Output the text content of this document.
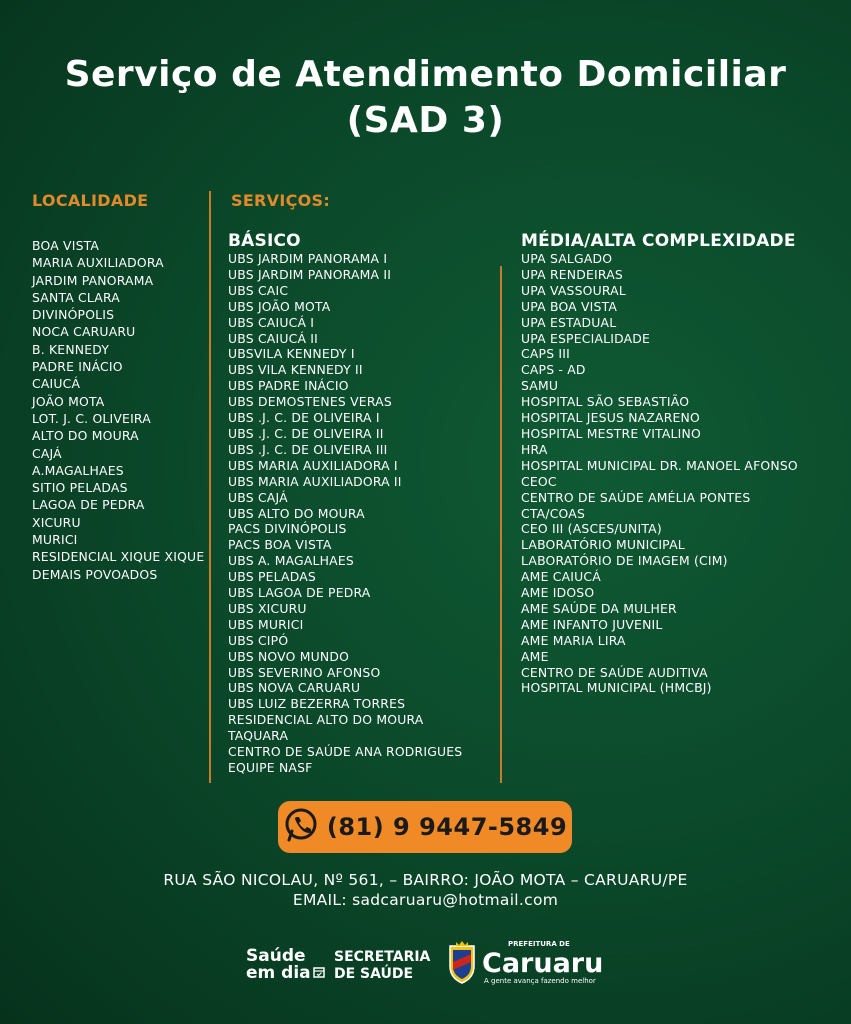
Serviço de Atendimento Domiciliar
(SAD 3)
LOCALIDADE
BOA VISTA
MARIA AUXILIADORA
JARDIM PANORAMA
SANTA CLARA
DIVINÓPOLIS
NOCA CARUARU
B. KENNEDY
PADRE INÁCIO
CAIUCÁ
JOÃO MOTA
LOT. J. C. OLIVEIRA
ALTO DO MOURA
CAJÁ
A.MAGALHAES
SITIO PELADAS
LAGOA DE PEDRA
XICURU
MURICI
RESIDENCIAL XIQUE XIQUE
DEMAIS POVOADOS
SERVIÇOS:
BÁSICO
UBS JARDIM PANORAMA I
UBS JARDIM PANORAMA II
UBS CAIC
UBS JOÃO MOTA
UBS CAIUCÁ I
UBS CAIUCÁ II
UBSVILA KENNEDY I
UBS VILA KENNEDY II
UBS PADRE INÁCIO
UBS DEMOSTENES VERAS
UBS .J. C. DE OLIVEIRA I
UBS .J. C. DE OLIVEIRA II
UBS .J. C. DE OLIVEIRA III
UBS MARIA AUXILIADORA I
UBS MARIA AUXILIADORA II
UBS CAJÁ
UBS ALTO DO MOURA
PACS DIVINÓPOLIS
PACS BOA VISTA
UBS A. MAGALHAES
UBS PELADAS
UBS LAGOA DE PEDRA
UBS XICURU
UBS MURICI
UBS CIPÓ
UBS NOVO MUNDO
UBS SEVERINO AFONSO
UBS NOVA CARUARU
UBS LUIZ BEZERRA TORRES
RESIDENCIAL ALTO DO MOURA
TAQUARA
CENTRO DE SAÚDE ANA RODRIGUES
EQUIPE NASF
MÉDIA/ALTA COMPLEXIDADE
UPA SALGADO
UPA RENDEIRAS
UPA VASSOURAL
UPA BOA VISTA
UPA ESTADUAL
UPA ESPECIALIDADE
CAPS III
CAPS - AD
SAMU
HOSPITAL SÃO SEBASTIÃO
HOSPITAL JESUS NAZARENO
HOSPITAL MESTRE VITALINO
HRA
HOSPITAL MUNICIPAL DR. MANOEL AFONSO
CEOC
CENTRO DE SAÚDE AMÉLIA PONTES
CTA/COAS
CEO III (ASCES/UNITA)
LABORATÓRIO MUNICIPAL
LABORATÓRIO DE IMAGEM (CIM)
AME CAIUCÁ
AME IDOSO
AME SAÚDE DA MULHER
AME INFANTO JUVENIL
AME MARIA LIRA
AME
CENTRO DE SAÚDE AUDITIVA
HOSPITAL MUNICIPAL (HMCBJ)
(81) 9 9447-5849
RUA SÃO NICOLAU, Nº 561, – BAIRRO: JOÃO MOTA – CARUARU/PE
EMAIL: sadcaruaru@hotmail.com
Saúde
em dia
SECRETARIA
DE SAÚDE
PREFEITURA DE
Caruaru
A gente avança fazendo melhor
